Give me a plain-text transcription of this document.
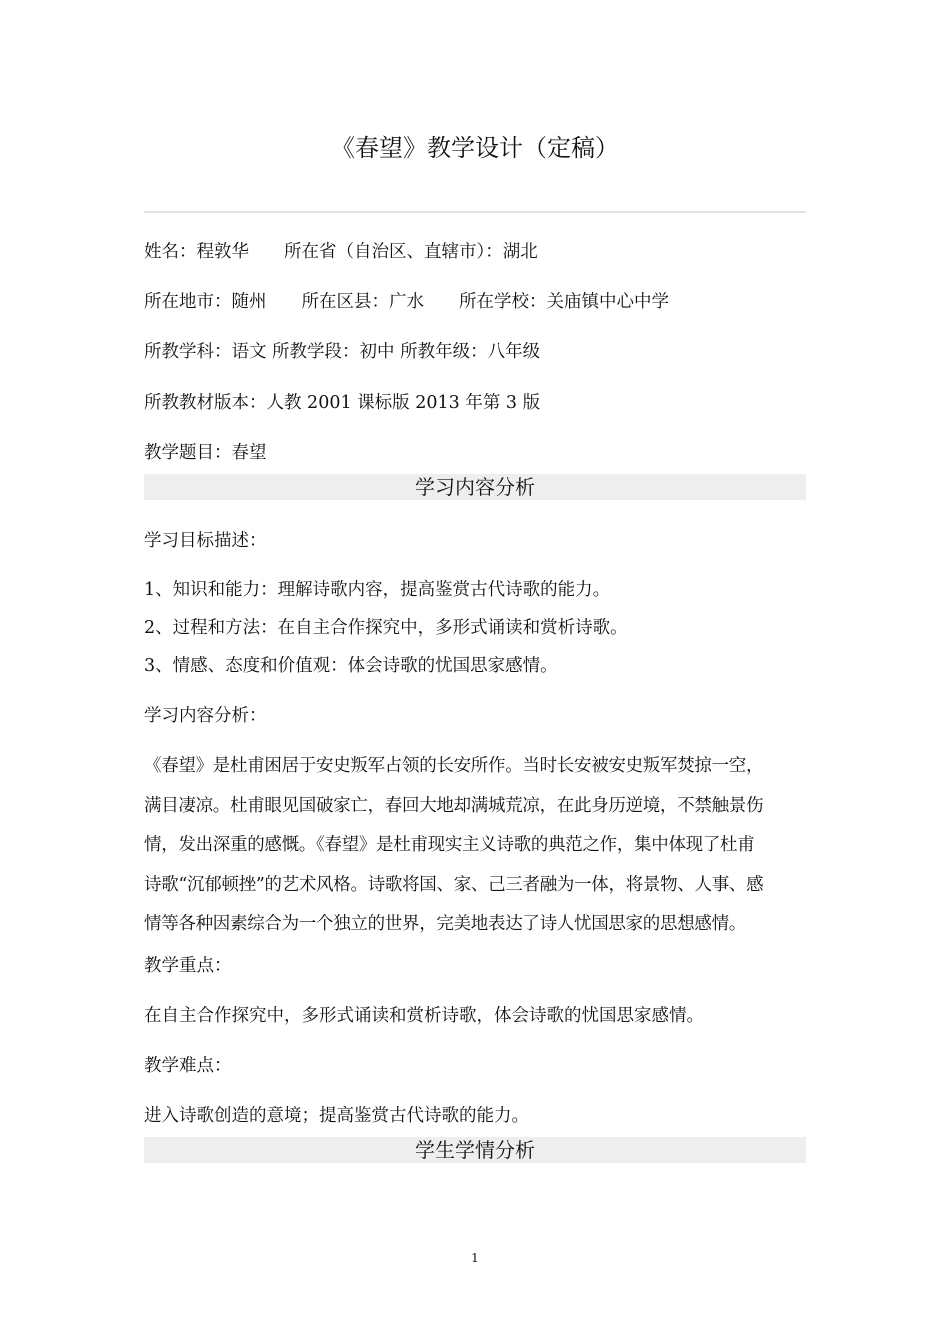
《春望》教学设计（定稿）
姓名：程敦华　　所在省（自治区、直辖市）：湖北
所在地市：随州　　所在区县：广水　　所在学校：关庙镇中心中学
所教学科：语文 所教学段：初中 所教年级：八年级
所教教材版本：人教 2001 课标版 2013 年第 3 版
教学题目：春望
学习内容分析
学习目标描述：
1、知识和能力：理解诗歌内容，提高鉴赏古代诗歌的能力。
2、过程和方法：在自主合作探究中，多形式诵读和赏析诗歌。
3、情感、态度和价值观：体会诗歌的忧国思家感情。
学习内容分析：
《春望》是杜甫困居于安史叛军占领的长安所作。当时长安被安史叛军焚掠一空，
满目凄凉。杜甫眼见国破家亡，春回大地却满城荒凉，在此身历逆境，不禁触景伤
情，发出深重的感慨。《春望》是杜甫现实主义诗歌的典范之作，集中体现了杜甫
诗歌“沉郁顿挫”的艺术风格。诗歌将国、家、己三者融为一体，将景物、人事、感
情等各种因素综合为一个独立的世界，完美地表达了诗人忧国思家的思想感情。
教学重点：
在自主合作探究中，多形式诵读和赏析诗歌，体会诗歌的忧国思家感情。
教学难点：
进入诗歌创造的意境；提高鉴赏古代诗歌的能力。
学生学情分析
1
